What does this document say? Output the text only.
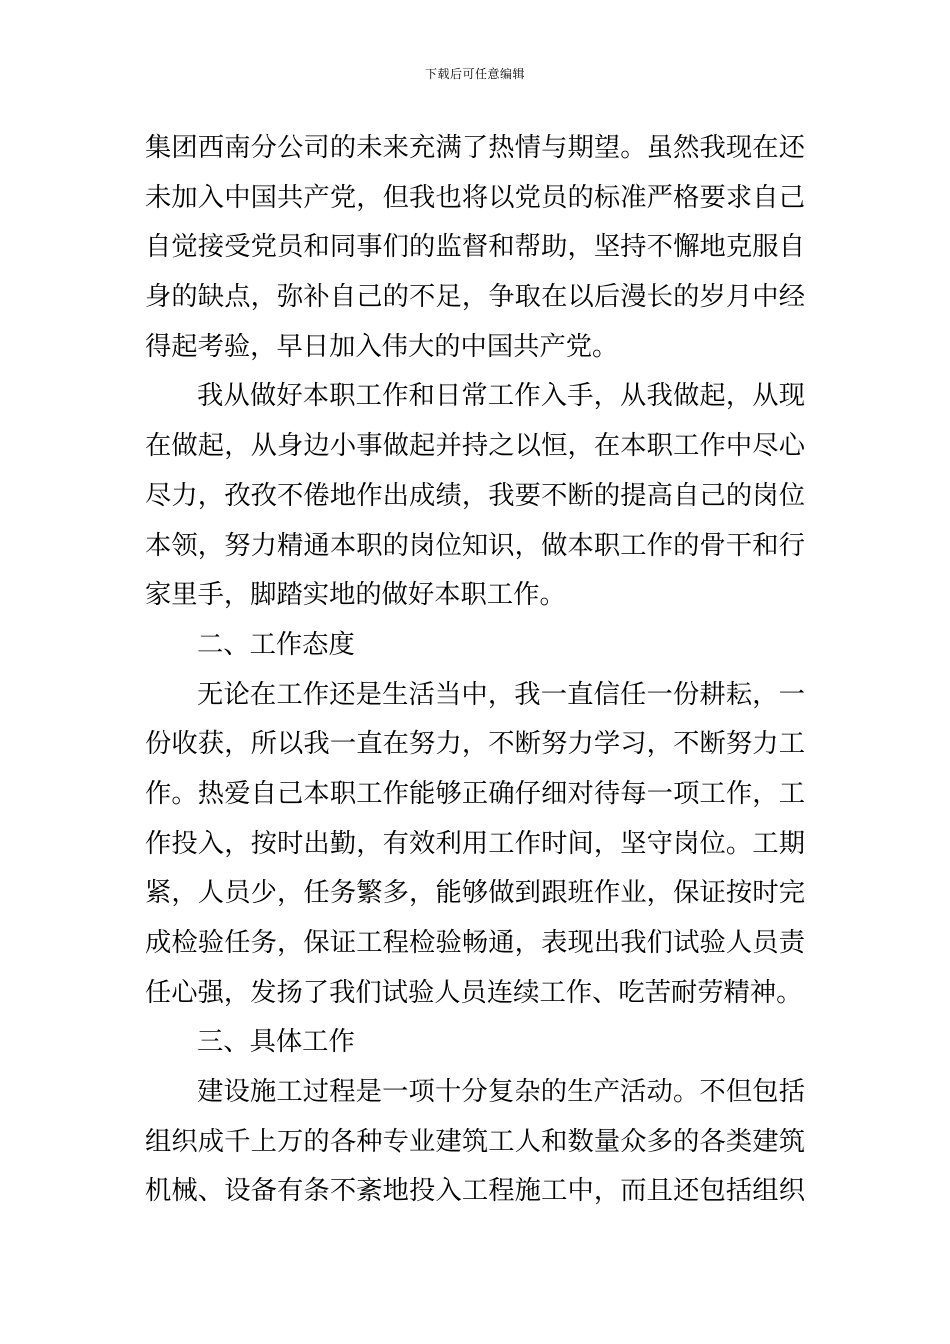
下载后可任意编辑
集团西南分公司的未来充满了热情与期望。虽然我现在还
未加入中国共产党，但我也将以党员的标准严格要求自己
自觉接受党员和同事们的监督和帮助，坚持不懈地克服自
身的缺点，弥补自己的不足，争取在以后漫长的岁月中经
得起考验，早日加入伟大的中国共产党。
我从做好本职工作和日常工作入手，从我做起，从现
在做起，从身边小事做起并持之以恒，在本职工作中尽心
尽力，孜孜不倦地作出成绩，我要不断的提高自己的岗位
本领，努力精通本职的岗位知识，做本职工作的骨干和行
家里手，脚踏实地的做好本职工作。
二、工作态度
无论在工作还是生活当中，我一直信任一份耕耘，一
份收获，所以我一直在努力，不断努力学习，不断努力工
作。热爱自己本职工作能够正确仔细对待每一项工作，工
作投入，按时出勤，有效利用工作时间，坚守岗位。工期
紧，人员少，任务繁多，能够做到跟班作业，保证按时完
成检验任务，保证工程检验畅通，表现出我们试验人员责
任心强，发扬了我们试验人员连续工作、吃苦耐劳精神。
三、具体工作
建设施工过程是一项十分复杂的生产活动。不但包括
组织成千上万的各种专业建筑工人和数量众多的各类建筑
机械、设备有条不紊地投入工程施工中，而且还包括组织
